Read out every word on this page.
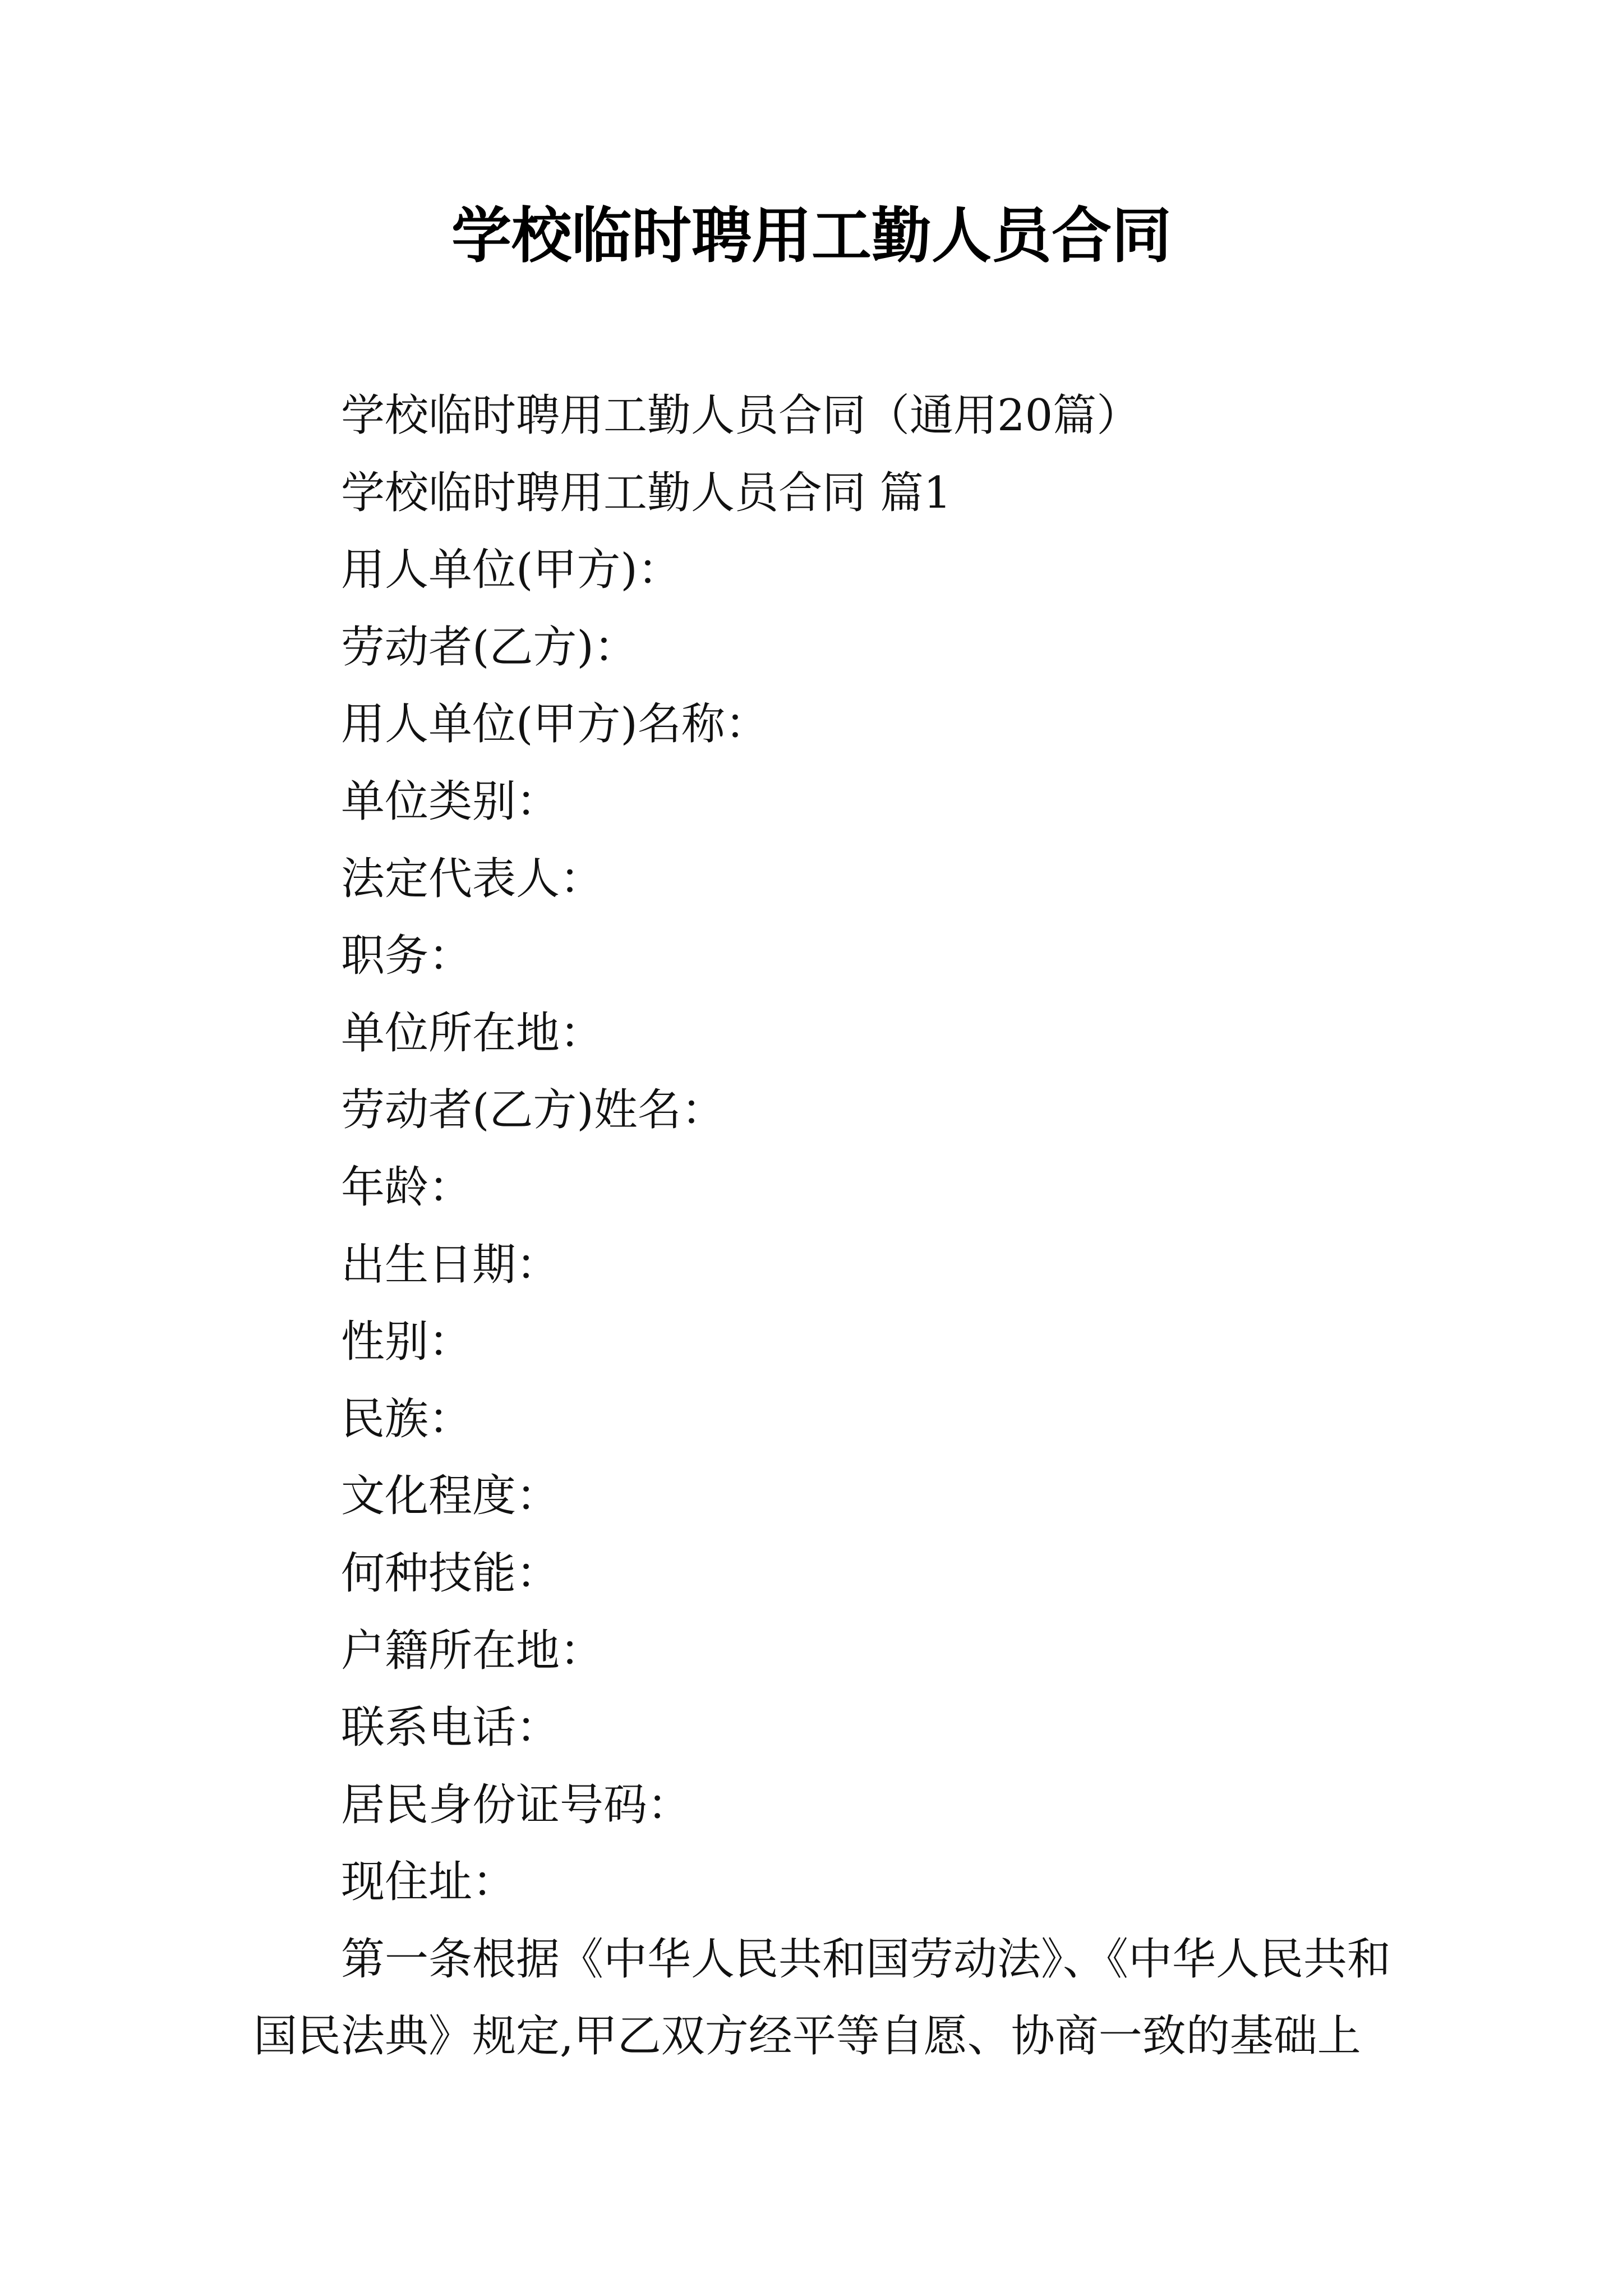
学校临时聘用工勤人员合同
学校临时聘用工勤人员合同（通用20篇）
学校临时聘用工勤人员合同 篇1
用人单位(甲方)：
劳动者(乙方)：
用人单位(甲方)名称：
单位类别：
法定代表人：
职务：
单位所在地：
劳动者(乙方)姓名：
年龄：
出生日期：
性别：
民族：
文化程度：
何种技能：
户籍所在地：
联系电话：
居民身份证号码：
现住址：
第一条根据《中华人民共和国劳动法》、《中华人民共和
国民法典》规定,甲乙双方经平等自愿、协商一致的基础上
